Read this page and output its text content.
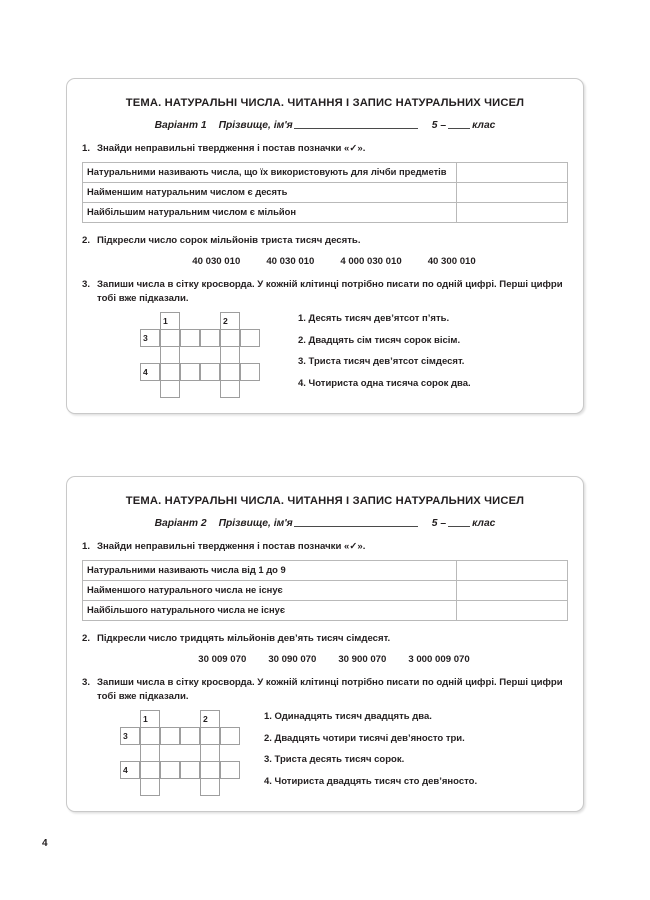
ТЕМА. НАТУРАЛЬНІ ЧИСЛА. ЧИТАННЯ І ЗАПИС НАТУРАЛЬНИХ ЧИСЕЛ
Варіант 1 Прізвище, ім'я	5 –	клас
1. Знайди неправильні твердження і постав позначки «✓».
Натуральними називають числа, що їх використовують для лічби предметів	
Найменшим натуральним числом є десять	
Найбільшим натуральним числом є мільйон	
2. Підкресли число сорок мільйонів триста тисяч десять.
40 030 010	40 030 010	4 000 030 010	40 300 010
3. Запиши числа в сітку кросворда. У кожній клітинці потрібно писати по одній цифрі. Перші цифри тобі вже підказали.
1	2
3
4
1. Десять тисяч дев’ятсот п’ять.
2. Двадцять сім тисяч сорок вісім.
3. Триста тисяч дев’ятсот сімдесят.
4. Чотириста одна тисяча сорок два.
ТЕМА. НАТУРАЛЬНІ ЧИСЛА. ЧИТАННЯ І ЗАПИС НАТУРАЛЬНИХ ЧИСЕЛ
Варіант 2 Прізвище, ім'я	5 –	клас
1. Знайди неправильні твердження і постав позначки «✓».
Натуральними називають числа від 1 до 9	
Найменшого натурального числа не існує	
Найбільшого натурального числа не існує	
2. Підкресли число тридцять мільйонів дев’ять тисяч сімдесят.
30 009 070 30 090 070 30 900 070 3 000 009 070
3. Запиши числа в сітку кросворда. У кожній клітинці потрібно писати по одній цифрі. Перші цифри тобі вже підказали.
1	2
3
4
1. Одинадцять тисяч двадцять два.
2. Двадцять чотири тисячі дев’яносто три.
3. Триста десять тисяч сорок.
4. Чотириста двадцять тисяч сто дев’яносто.
4
